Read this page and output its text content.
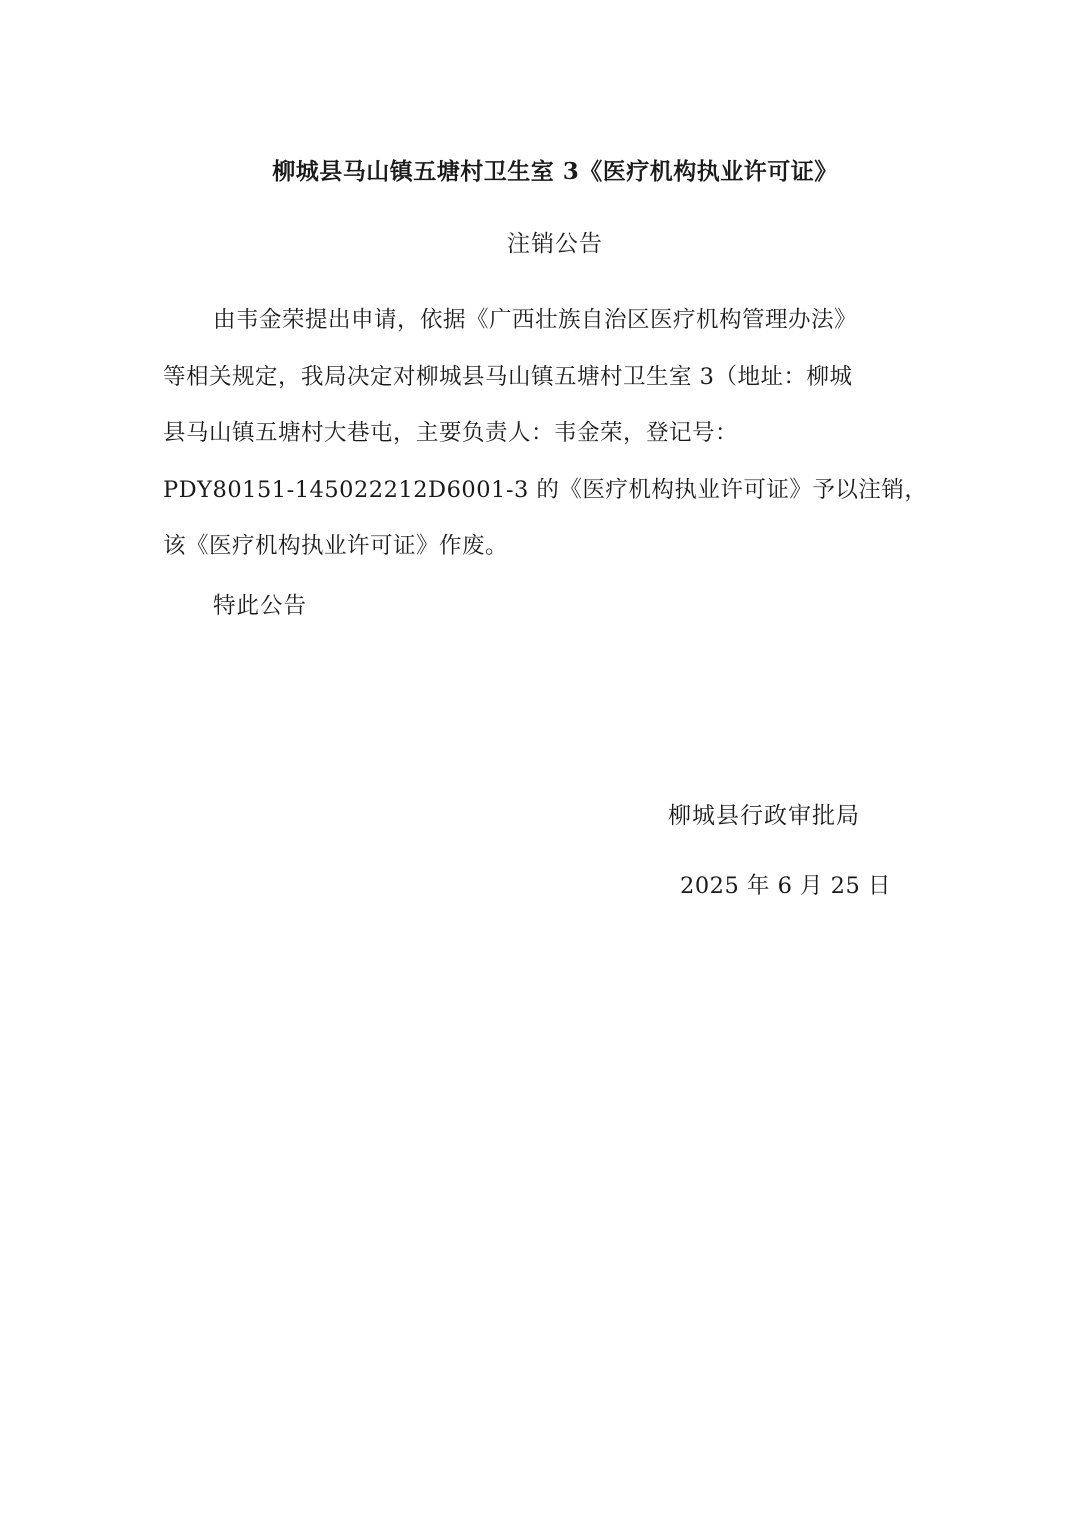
柳城县马山镇五塘村卫生室 3《医疗机构执业许可证》
注销公告
由韦金荣提出申请，依据《广西壮族自治区医疗机构管理办法》
等相关规定，我局决定对柳城县马山镇五塘村卫生室 3（地址：柳城
县马山镇五塘村大巷屯，主要负责人：韦金荣，登记号：
PDY80151-145022212D6001-3 的《医疗机构执业许可证》予以注销，
该《医疗机构执业许可证》作废。
特此公告
柳城县行政审批局
2025 年 6 月 25 日
